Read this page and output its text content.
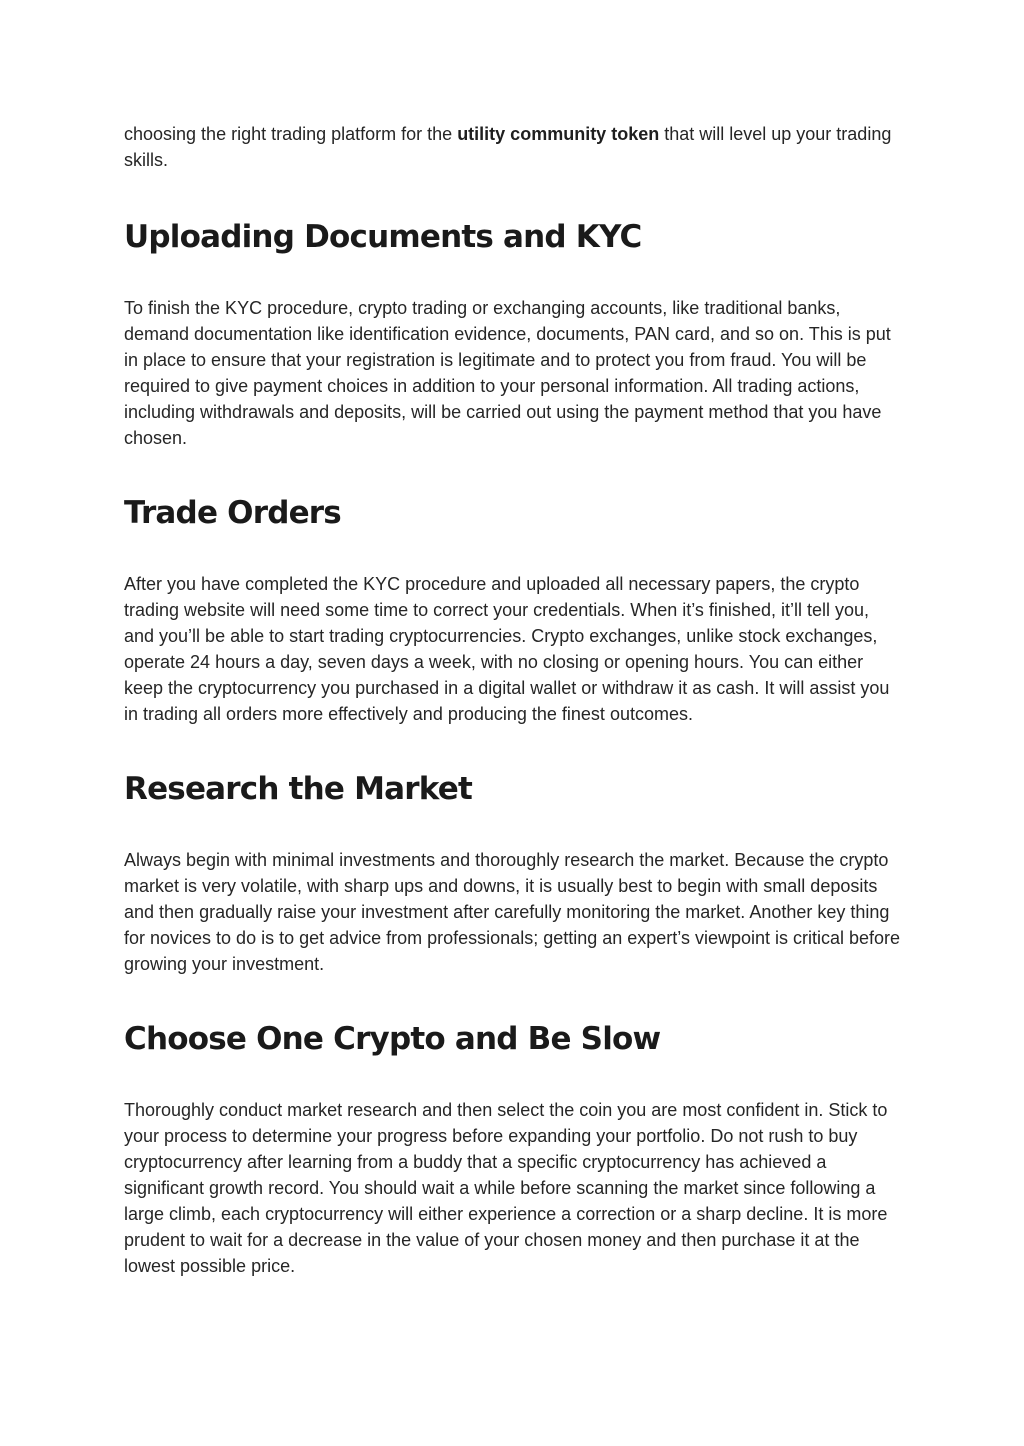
choosing the right trading platform for the utility community token that will level up your trading skills.

Uploading Documents and KYC

To finish the KYC procedure, crypto trading or exchanging accounts, like traditional banks, demand documentation like identification evidence, documents, PAN card, and so on. This is put in place to ensure that your registration is legitimate and to protect you from fraud. You will be required to give payment choices in addition to your personal information. All trading actions, including withdrawals and deposits, will be carried out using the payment method that you have chosen.

Trade Orders

After you have completed the KYC procedure and uploaded all necessary papers, the crypto trading website will need some time to correct your credentials. When it’s finished, it’ll tell you, and you’ll be able to start trading cryptocurrencies. Crypto exchanges, unlike stock exchanges, operate 24 hours a day, seven days a week, with no closing or opening hours. You can either keep the cryptocurrency you purchased in a digital wallet or withdraw it as cash. It will assist you in trading all orders more effectively and producing the finest outcomes.

Research the Market

Always begin with minimal investments and thoroughly research the market. Because the crypto market is very volatile, with sharp ups and downs, it is usually best to begin with small deposits and then gradually raise your investment after carefully monitoring the market. Another key thing for novices to do is to get advice from professionals; getting an expert’s viewpoint is critical before growing your investment.

Choose One Crypto and Be Slow

Thoroughly conduct market research and then select the coin you are most confident in. Stick to your process to determine your progress before expanding your portfolio. Do not rush to buy cryptocurrency after learning from a buddy that a specific cryptocurrency has achieved a significant growth record. You should wait a while before scanning the market since following a large climb, each cryptocurrency will either experience a correction or a sharp decline. It is more prudent to wait for a decrease in the value of your chosen money and then purchase it at the lowest possible price.
